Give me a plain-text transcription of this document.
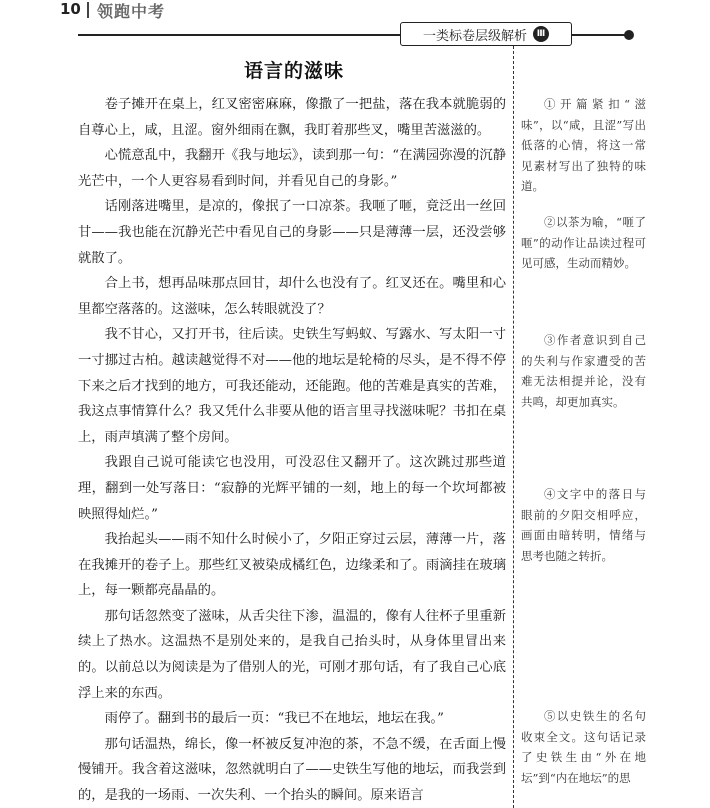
10 领跑中考
一类标卷层级解析	Ⅲ
语言的滋味

卷子摊开在桌上，红叉密密麻麻，像撒了一把盐，落在我本就脆弱的自尊心上，咸，且涩。窗外细雨在飘，我盯着那些叉，嘴里苦滋滋的。

心慌意乱中，我翻开《我与地坛》，读到那一句：“在满园弥漫的沉静光芒中，一个人更容易看到时间，并看见自己的身影。”

话刚落进嘴里，是凉的，像抿了一口凉茶。我咂了咂，竟泛出一丝回甘——我也能在沉静光芒中看见自己的身影——只是薄薄一层，还没尝够就散了。

合上书，想再品味那点回甘，却什么也没有了。红叉还在。嘴里和心里都空落落的。这滋味，怎么转眼就没了？

我不甘心，又打开书，往后读。史铁生写蚂蚁、写露水、写太阳一寸一寸挪过古柏。越读越觉得不对——他的地坛是轮椅的尽头，是不得不停下来之后才找到的地方，可我还能动，还能跑。他的苦难是真实的苦难，我这点事情算什么？我又凭什么非要从他的语言里寻找滋味呢？书扣在桌上，雨声填满了整个房间。

我跟自己说可能读它也没用，可没忍住又翻开了。这次跳过那些道理，翻到一处写落日：“寂静的光辉平铺的一刻，地上的每一个坎坷都被映照得灿烂。”

我抬起头——雨不知什么时候小了，夕阳正穿过云层，薄薄一片，落在我摊开的卷子上。那些红叉被染成橘红色，边缘柔和了。雨滴挂在玻璃上，每一颗都亮晶晶的。

那句话忽然变了滋味，从舌尖往下渗，温温的，像有人往杯子里重新续上了热水。这温热不是别处来的，是我自己抬头时，从身体里冒出来的。以前总以为阅读是为了借别人的光，可刚才那句话，有了我自己心底浮上来的东西。

雨停了。翻到书的最后一页：“我已不在地坛，地坛在我。”

那句话温热，绵长，像一杯被反复冲泡的茶，不急不缓，在舌面上慢慢铺开。我含着这滋味，忽然就明白了——史铁生写他的地坛，而我尝到的，是我的一场雨、一次失利、一个抬头的瞬间。原来语言

①开篇紧扣“滋味”，以“咸，且涩”写出低落的心情，将这一常见素材写出了独特的味道。

②以茶为喻，“咂了咂”的动作让品读过程可见可感，生动而精妙。

③作者意识到自己的失利与作家遭受的苦难无法相提并论，没有共鸣，却更加真实。

④文字中的落日与眼前的夕阳交相呼应，画面由暗转明，情绪与思考也随之转折。

⑤以史铁生的名句收束全文。这句话记录了史铁生由“外在地坛”到“内在地坛”的思
